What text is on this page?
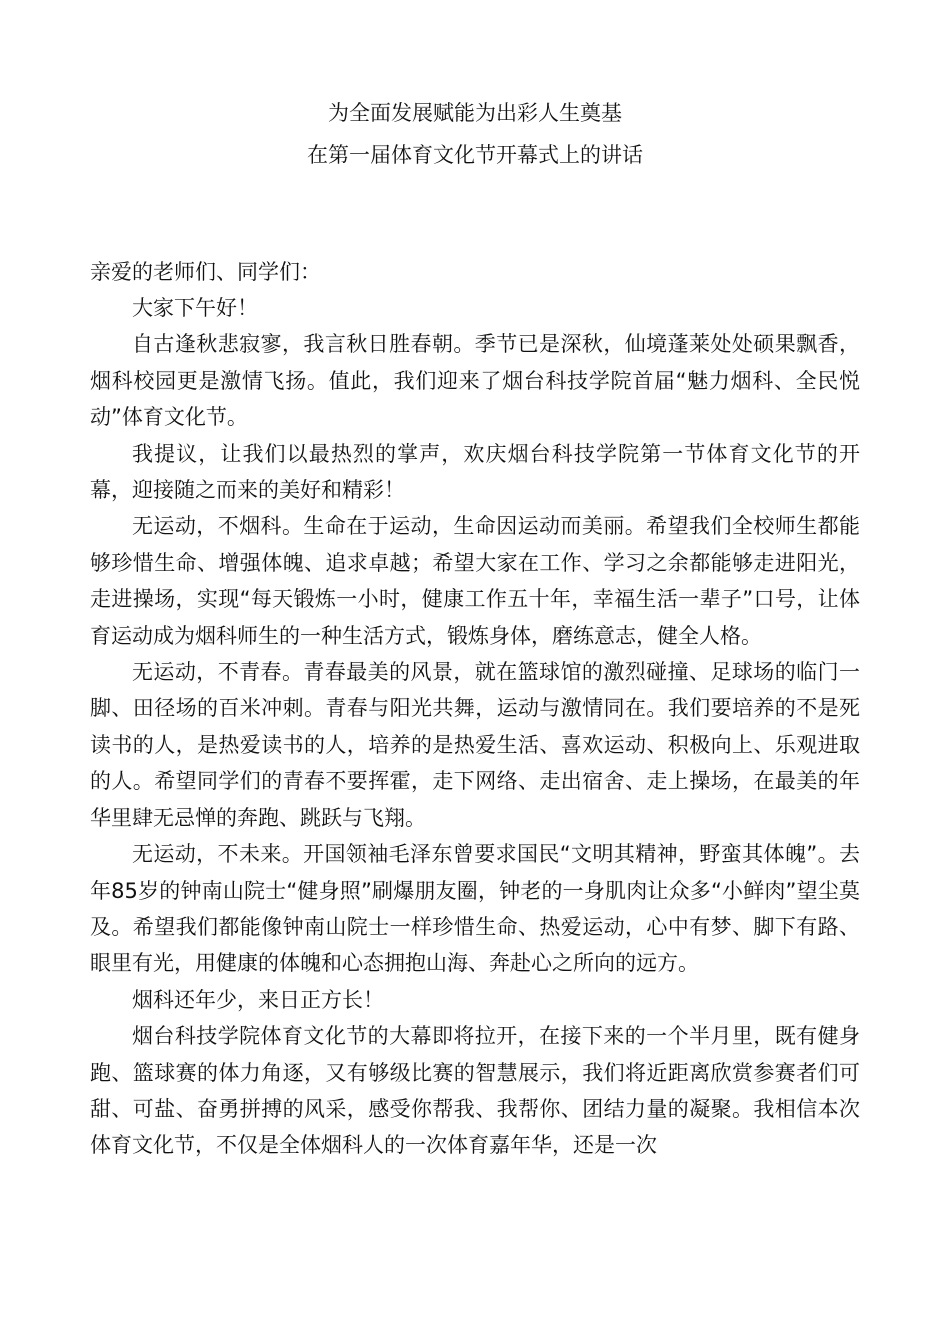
为全面发展赋能为出彩人生奠基
在第一届体育文化节开幕式上的讲话
亲爱的老师们、同学们：

大家下午好！

自古逢秋悲寂寥，我言秋日胜春朝。季节已是深秋，仙境蓬莱处处硕果飘香，烟科校园更是激情飞扬。值此，我们迎来了烟台科技学院首届“魅力烟科、全民悦动”体育文化节。

我提议，让我们以最热烈的掌声，欢庆烟台科技学院第一节体育文化节的开幕，迎接随之而来的美好和精彩！

无运动，不烟科。生命在于运动，生命因运动而美丽。希望我们全校师生都能够珍惜生命、增强体魄、追求卓越；希望大家在工作、学习之余都能够走进阳光，走进操场，实现“每天锻炼一小时，健康工作五十年，幸福生活一辈子”口号，让体育运动成为烟科师生的一种生活方式，锻炼身体，磨练意志，健全人格。

无运动，不青春。青春最美的风景，就在篮球馆的激烈碰撞、足球场的临门一脚、田径场的百米冲刺。青春与阳光共舞，运动与激情同在。我们要培养的不是死读书的人，是热爱读书的人，培养的是热爱生活、喜欢运动、积极向上、乐观进取的人。希望同学们的青春不要挥霍，走下网络、走出宿舍、走上操场，在最美的年华里肆无忌惮的奔跑、跳跃与飞翔。

无运动，不未来。开国领袖毛泽东曾要求国民“文明其精神，野蛮其体魄”。去年85岁的钟南山院士“健身照”刷爆朋友圈，钟老的一身肌肉让众多“小鲜肉”望尘莫及。希望我们都能像钟南山院士一样珍惜生命、热爱运动，心中有梦、脚下有路、眼里有光，用健康的体魄和心态拥抱山海、奔赴心之所向的远方。

烟科还年少，来日正方长！

烟台科技学院体育文化节的大幕即将拉开，在接下来的一个半月里，既有健身跑、篮球赛的体力角逐，又有够级比赛的智慧展示，我们将近距离欣赏参赛者们可甜、可盐、奋勇拼搏的风采，感受你帮我、我帮你、团结力量的凝聚。我相信本次体育文化节，不仅是全体烟科人的一次体育嘉年华，还是一次
